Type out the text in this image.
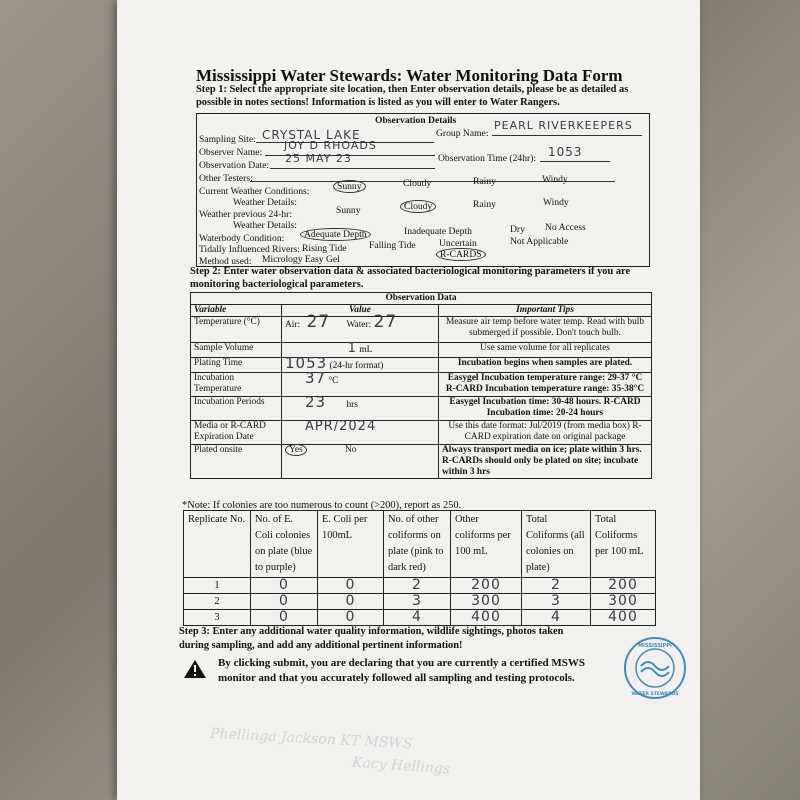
Mississippi Water Stewards: Water Monitoring Data Form
Step 1: Select the appropriate site location, then Enter observation details, please be as detailed as
possible in notes sections! Information is listed as you will enter to Water Rangers.
Observation Details
Sampling Site: CRYSTAL LAKE	Group Name:
PEARL RIVERKEEPERS
Observer Name:
JOY D RHOADS
Observation Date:
25 MAY 23	Observation Time (24hr): 1053
Other Testers:
Current Weather Conditions:	Sunny	Cloudy	Rainy	Windy
Weather Details:
Weather previous 24-hr:	Sunny	Cloudy	Rainy	Windy
Weather Details:
Waterbody Condition:	Adequate Depth	Inadequate Depth	Dry No Access
Tidally Influenced Rivers: Rising Tide Falling Tide Uncertain	Not Applicable
Method used: Micrology Easy Gel	R-CARDS
Step 2: Enter water observation data & associated bacteriological monitoring parameters if you are
monitoring bacteriological parameters.
Observation Data		
Variable	Value	Important Tips
Temperature (°C)	Air: 27 Water: 27	Measure air temp before water temp. Read with bulb submerged if possible. Don't touch bulb.
Sample Volume	1 mL	Use same volume for all replicates
Plating Time	1053 (24-hr format)	Incubation begins when samples are plated.
Incubation Temperature	37 °C	Easygel Incubation temperature range: 29-37 °C R-CARD Incubation temperature range: 35-38°C
Incubation Periods	23 hrs	Easygel Incubation time: 30-48 hours. R-CARD Incubation time: 20-24 hours
Media or R-CARD Expiration Date	APR/2024	Use this date format: Jul/2019 (from media box) R-CARD expiration date on original package
Plated onsite	Yes No	Always transport media on ice; plate within 3 hrs. R-CARDs should only be plated on site; incubate within 3 hrs
*Note: If colonies are too numerous to count (>200), report as 250.
Replicate No.	No. of E. Coli colonies on plate (blue to purple)	E. Coli per 100mL	No. of other coliforms on plate (pink to dark red)	Other coliforms per 100 mL	Total Coliforms (all colonies on plate)	Total Coliforms per 100 mL
1	0	0	2	200	2	200
2	0	0	3	300	3	300
3	0	0	4	400	4	400
Step 3: Enter any additional water quality information, wildlife sightings, photos taken
during sampling, and add any additional pertinent information!
By clicking submit, you are declaring that you are currently a certified MSWS
monitor and that you accurately followed all sampling and testing protocols.
MISSISSIPPI
WATER STEWARDS
Phellinga Jackson KT MSWS
Kacy Hellings
